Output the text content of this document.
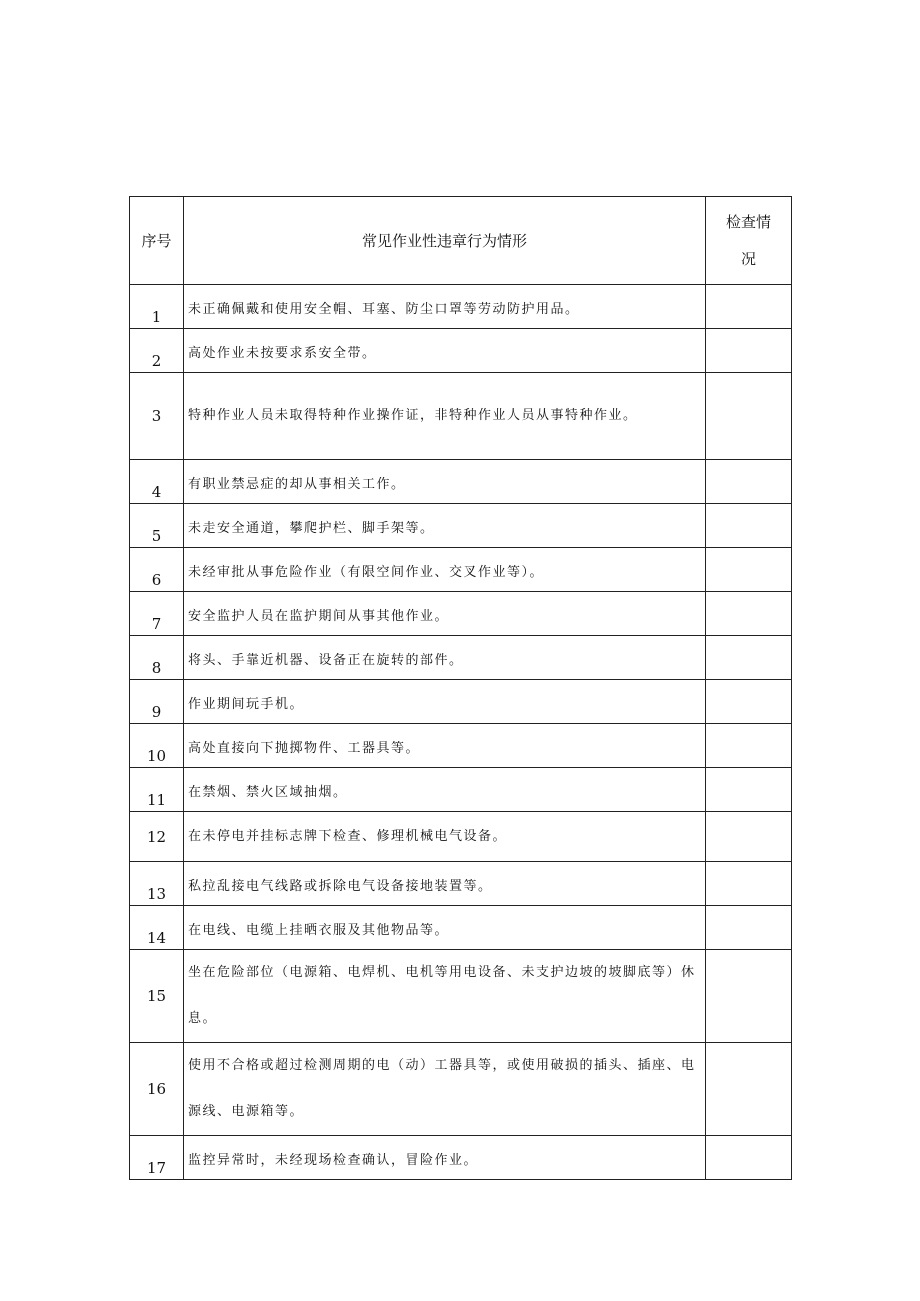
序号	常见作业性违章行为情形	检查情况
1	未正确佩戴和使用安全帽、耳塞、防尘口罩等劳动防护用品。	
2	高处作业未按要求系安全带。	
3	特种作业人员未取得特种作业操作证，非特种作业人员从事特种作业。	
4	有职业禁忌症的却从事相关工作。	
5	未走安全通道，攀爬护栏、脚手架等。	
6	未经审批从事危险作业（有限空间作业、交叉作业等）。	
7	安全监护人员在监护期间从事其他作业。	
8	将头、手靠近机器、设备正在旋转的部件。	
9	作业期间玩手机。	
10	高处直接向下抛掷物件、工器具等。	
11	在禁烟、禁火区域抽烟。	
12	在未停电并挂标志牌下检查、修理机械电气设备。	
13	私拉乱接电气线路或拆除电气设备接地装置等。	
14	在电线、电缆上挂晒衣服及其他物品等。	
15	坐在危险部位（电源箱、电焊机、电机等用电设备、未支护边坡的坡脚底等）休息。	
16	使用不合格或超过检测周期的电（动）工器具等，或使用破损的插头、插座、电源线、电源箱等。	
17	监控异常时，未经现场检查确认，冒险作业。	
